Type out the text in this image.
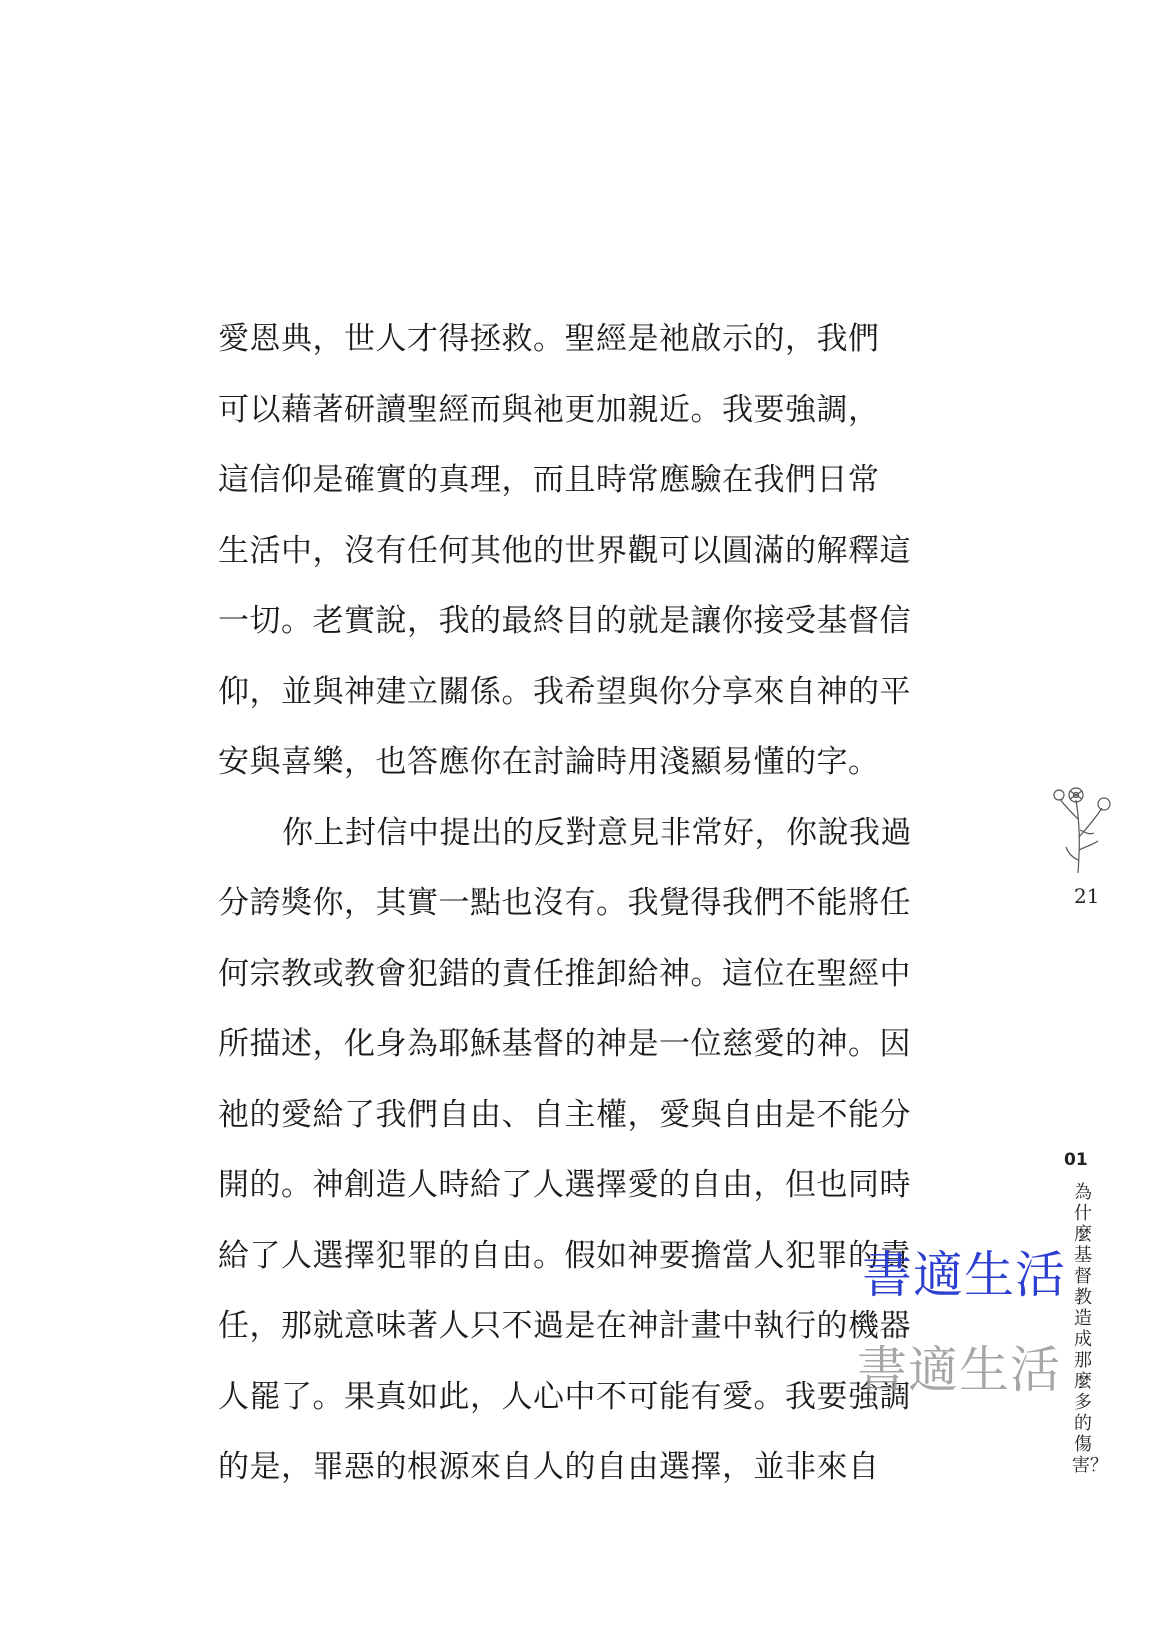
愛恩典，世人才得拯救。聖經是祂啟示的，我們
可以藉著研讀聖經而與祂更加親近。我要強調，
這信仰是確實的真理，而且時常應驗在我們日常
生活中，沒有任何其他的世界觀可以圓滿的解釋這
一切。老實說，我的最終目的就是讓你接受基督信
仰，並與神建立關係。我希望與你分享來自神的平
安與喜樂，也答應你在討論時用淺顯易懂的字。
你上封信中提出的反對意見非常好，你說我過
分誇獎你，其實一點也沒有。我覺得我們不能將任
何宗教或教會犯錯的責任推卸給神。這位在聖經中
所描述，化身為耶穌基督的神是一位慈愛的神。因
祂的愛給了我們自由、自主權，愛與自由是不能分
開的。神創造人時給了人選擇愛的自由，但也同時
給了人選擇犯罪的自由。假如神要擔當人犯罪的責
任，那就意味著人只不過是在神計畫中執行的機器
人罷了。果真如此，人心中不可能有愛。我要強調
的是，罪惡的根源來自人的自由選擇，並非來自
21
01
為什麼基督教造成那麼多的傷害？
書適生活
書適生活
